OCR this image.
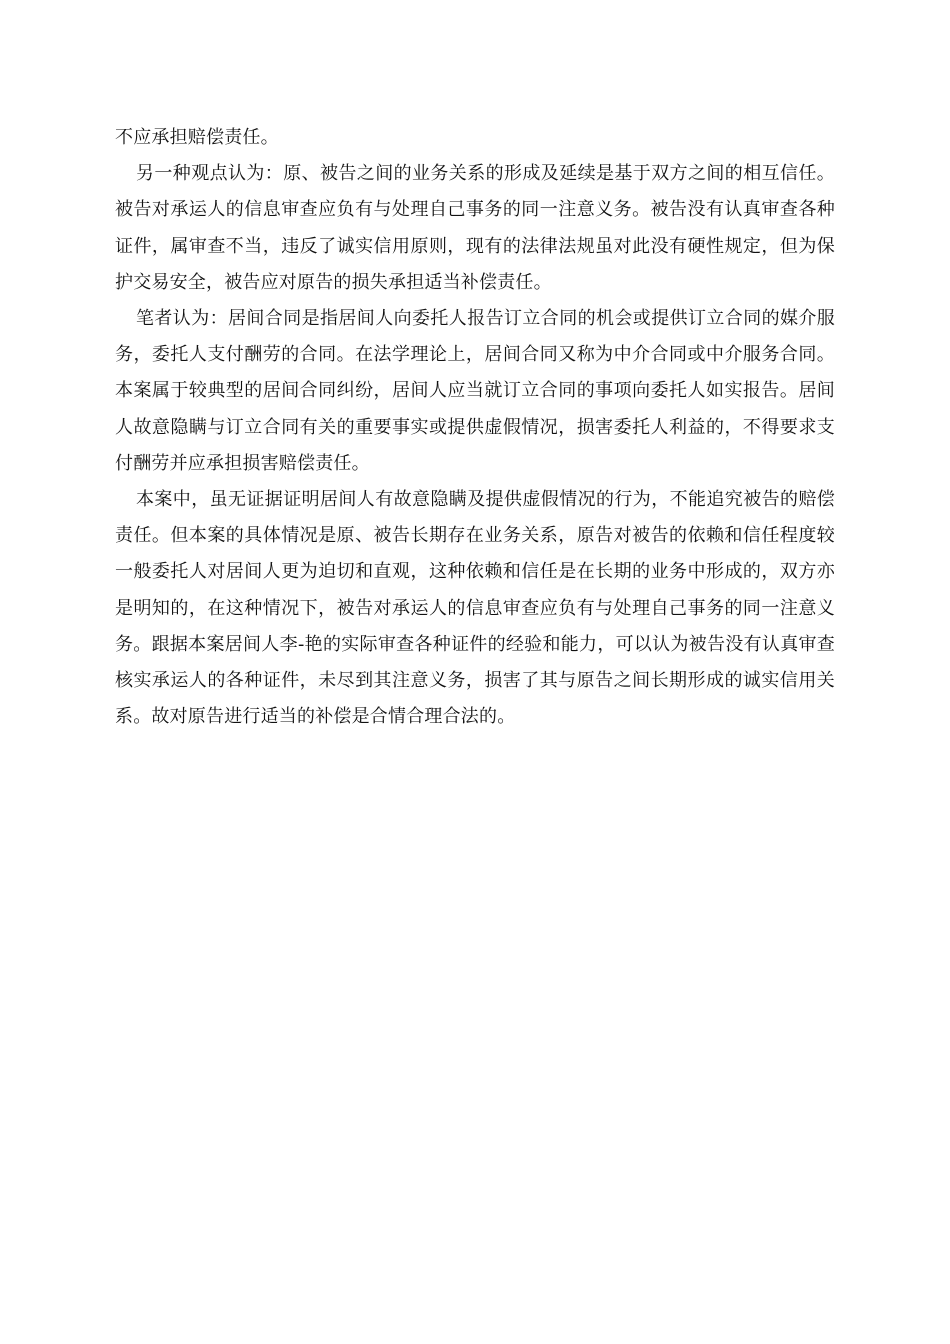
不应承担赔偿责任。

另一种观点认为：原、被告之间的业务关系的形成及延续是基于双方之间的相互信任。被告对承运人的信息审查应负有与处理自己事务的同一注意义务。被告没有认真审查各种证件，属审查不当，违反了诚实信用原则，现有的法律法规虽对此没有硬性规定，但为保护交易安全，被告应对原告的损失承担适当补偿责任。

笔者认为：居间合同是指居间人向委托人报告订立合同的机会或提供订立合同的媒介服务，委托人支付酬劳的合同。在法学理论上，居间合同又称为中介合同或中介服务合同。本案属于较典型的居间合同纠纷，居间人应当就订立合同的事项向委托人如实报告。居间人故意隐瞒与订立合同有关的重要事实或提供虚假情况，损害委托人利益的，不得要求支付酬劳并应承担损害赔偿责任。

本案中，虽无证据证明居间人有故意隐瞒及提供虚假情况的行为，不能追究被告的赔偿责任。但本案的具体情况是原、被告长期存在业务关系，原告对被告的依赖和信任程度较一般委托人对居间人更为迫切和直观，这种依赖和信任是在长期的业务中形成的，双方亦是明知的，在这种情况下，被告对承运人的信息审查应负有与处理自己事务的同一注意义务。跟据本案居间人李-艳的实际审查各种证件的经验和能力，可以认为被告没有认真审查核实承运人的各种证件，未尽到其注意义务，损害了其与原告之间长期形成的诚实信用关系。故对原告进行适当的补偿是合情合理合法的。
